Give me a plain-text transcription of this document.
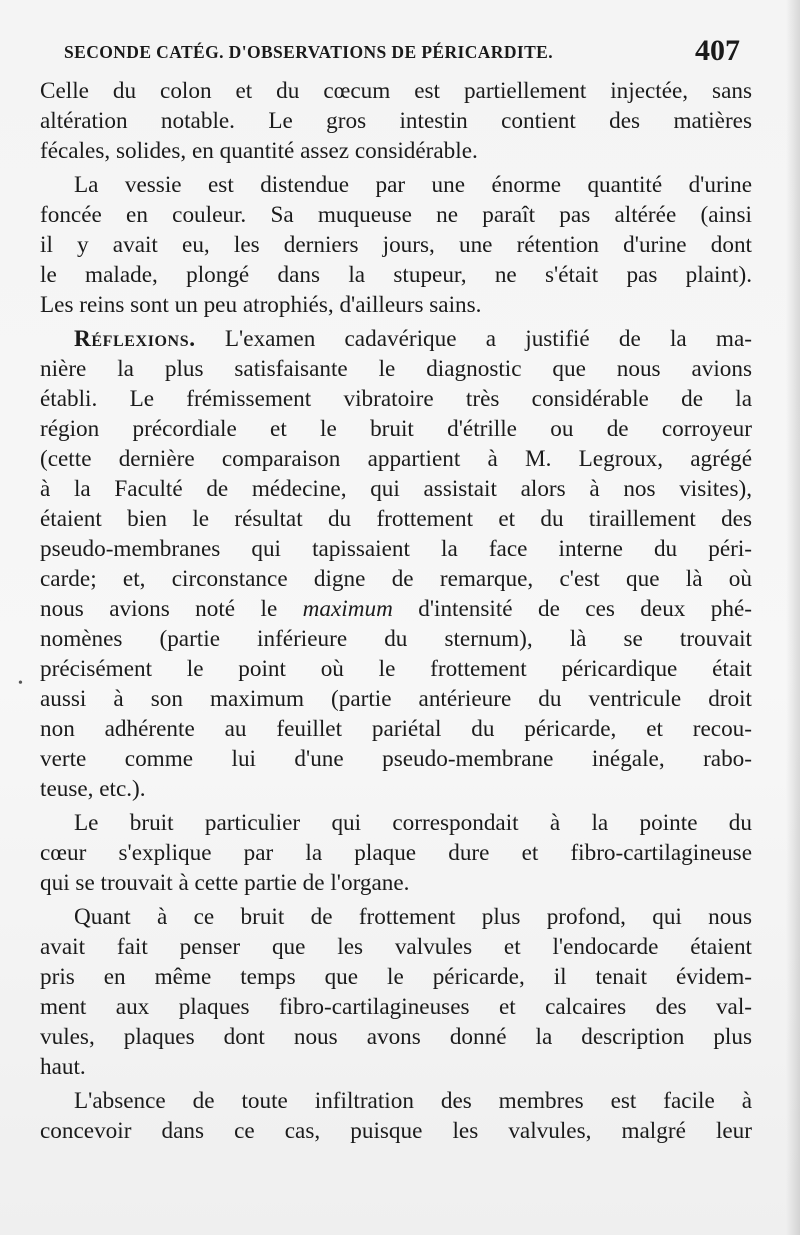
SECONDE CATÉG. D'OBSERVATIONS DE PÉRICARDITE.	407
•
Celle du colon et du cœcum est partiellement injectée, sans
altération notable. Le gros intestin contient des matières
fécales, solides, en quantité assez considérable.
La vessie est distendue par une énorme quantité d'urine
foncée en couleur. Sa muqueuse ne paraît pas altérée (ainsi
il y avait eu, les derniers jours, une rétention d'urine dont
le malade, plongé dans la stupeur, ne s'était pas plaint).
Les reins sont un peu atrophiés, d'ailleurs sains.
Réflexions. L'examen cadavérique a justifié de la ma-
nière la plus satisfaisante le diagnostic que nous avions
établi. Le frémissement vibratoire très considérable de la
région précordiale et le bruit d'étrille ou de corroyeur
(cette dernière comparaison appartient à M. Legroux, agrégé
à la Faculté de médecine, qui assistait alors à nos visites),
étaient bien le résultat du frottement et du tiraillement des
pseudo-membranes qui tapissaient la face interne du péri-
carde; et, circonstance digne de remarque, c'est que là où
nous avions noté le maximum d'intensité de ces deux phé-
nomènes (partie inférieure du sternum), là se trouvait
précisément le point où le frottement péricardique était
aussi à son maximum (partie antérieure du ventricule droit
non adhérente au feuillet pariétal du péricarde, et recou-
verte comme lui d'une pseudo-membrane inégale, rabo-
teuse, etc.).
Le bruit particulier qui correspondait à la pointe du
cœur s'explique par la plaque dure et fibro-cartilagineuse
qui se trouvait à cette partie de l'organe.
Quant à ce bruit de frottement plus profond, qui nous
avait fait penser que les valvules et l'endocarde étaient
pris en même temps que le péricarde, il tenait évidem-
ment aux plaques fibro-cartilagineuses et calcaires des val-
vules, plaques dont nous avons donné la description plus
haut.
L'absence de toute infiltration des membres est facile à
concevoir dans ce cas, puisque les valvules, malgré leur
